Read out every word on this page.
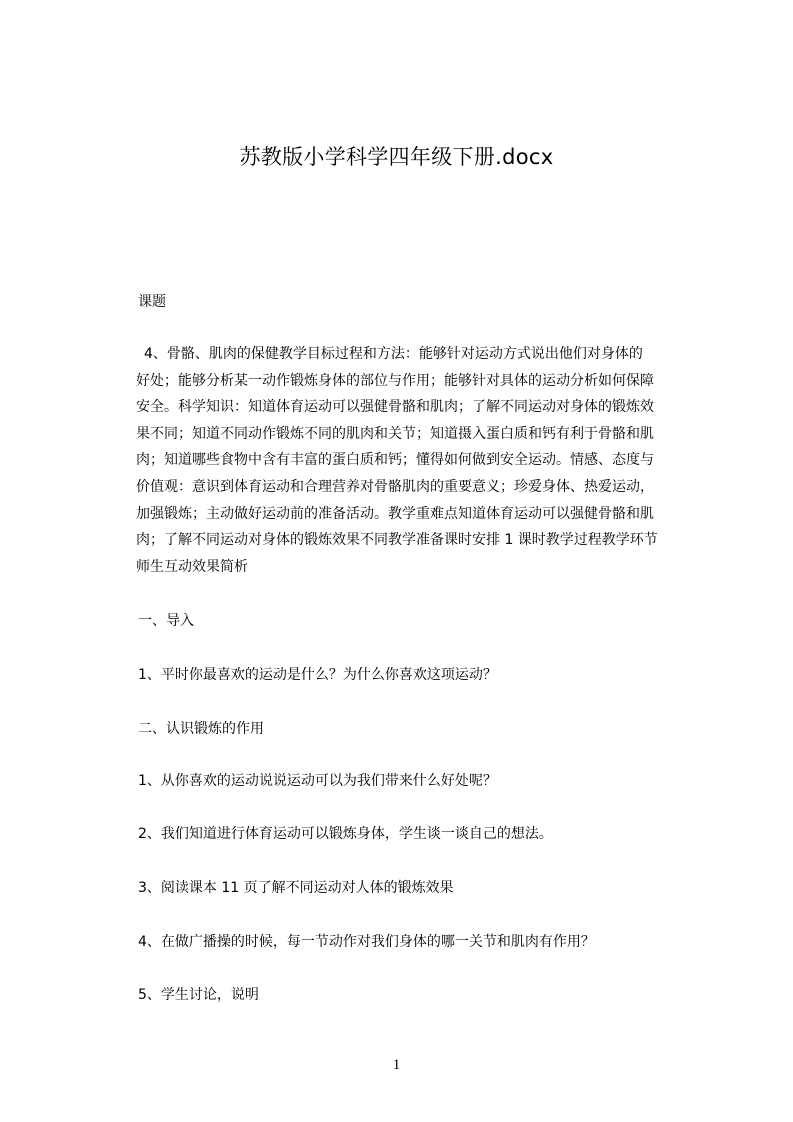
苏教版小学科学四年级下册.docx
课题
4、骨骼、肌肉的保健教学目标过程和方法：能够针对运动方式说出他们对身体的
好处；能够分析某一动作锻炼身体的部位与作用；能够针对具体的运动分析如何保障
安全。科学知识：知道体育运动可以强健骨骼和肌肉；了解不同运动对身体的锻炼效
果不同；知道不同动作锻炼不同的肌肉和关节；知道摄入蛋白质和钙有利于骨骼和肌
肉；知道哪些食物中含有丰富的蛋白质和钙；懂得如何做到安全运动。情感、态度与
价值观：意识到体育运动和合理营养对骨骼肌肉的重要意义；珍爱身体、热爱运动，
加强锻炼；主动做好运动前的准备活动。教学重难点知道体育运动可以强健骨骼和肌
肉；了解不同运动对身体的锻炼效果不同教学准备课时安排 1 课时教学过程教学环节
师生互动效果简析
一、导入
1、平时你最喜欢的运动是什么？为什么你喜欢这项运动？
二、认识锻炼的作用
1、从你喜欢的运动说说运动可以为我们带来什么好处呢？
2、我们知道进行体育运动可以锻炼身体，学生谈一谈自己的想法。
3、阅读课本 11 页了解不同运动对人体的锻炼效果
4、在做广播操的时候，每一节动作对我们身体的哪一关节和肌肉有作用？
5、学生讨论，说明
1
